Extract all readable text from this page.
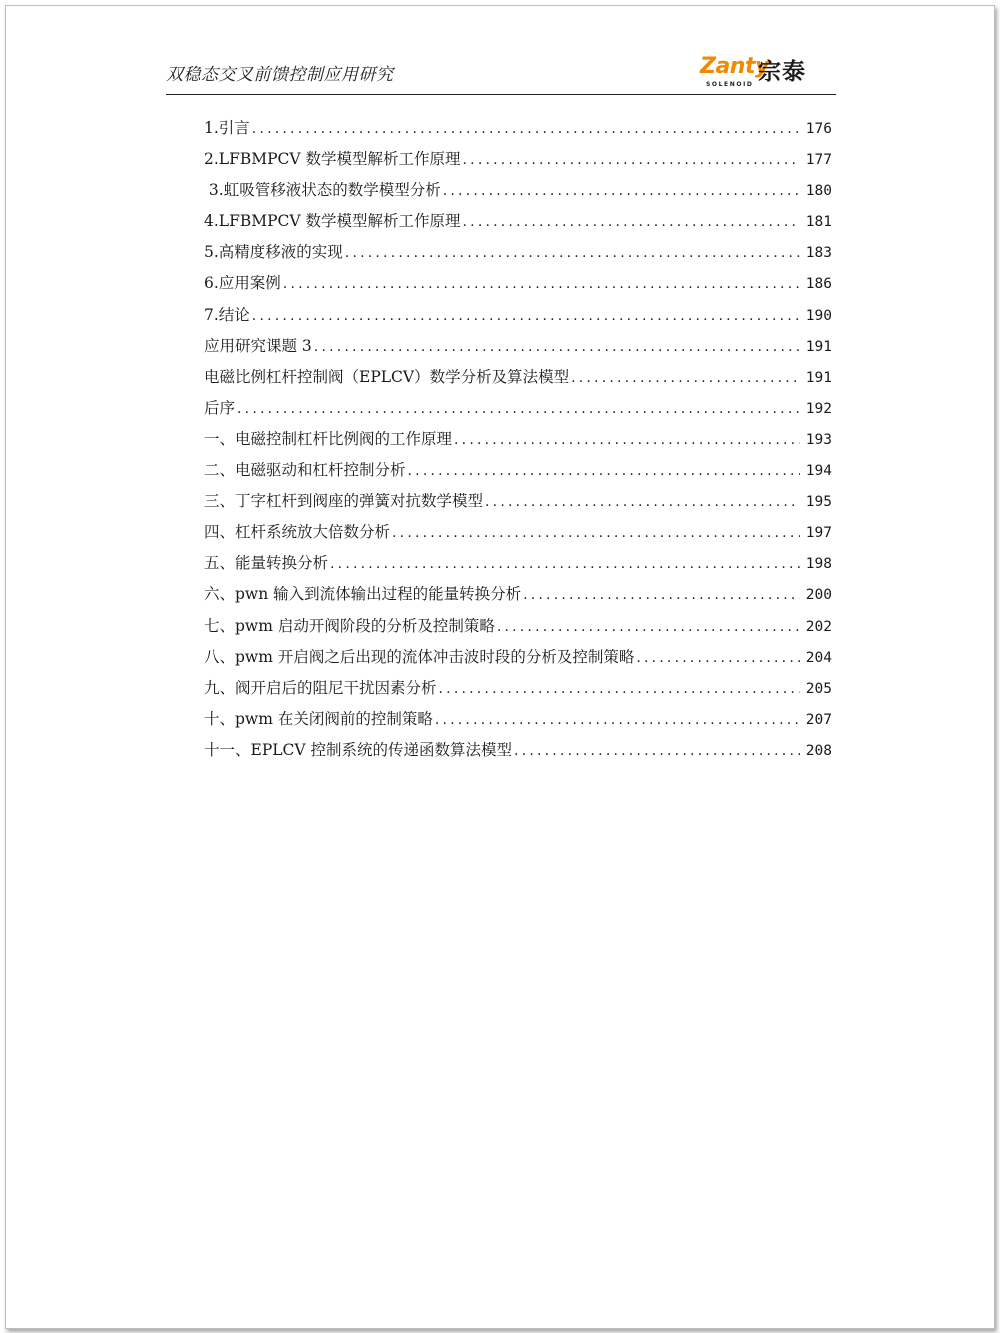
双稳态交叉前馈控制应用研究	Zanty
宗泰
SOLENOID
1.引言 .....	176
2.LFBMPCV 数学模型解析工作原理 .....	177
3.虹吸管移液状态的数学模型分析 .....	180
4.LFBMPCV 数学模型解析工作原理 .....	181
5.高精度移液的实现 .....	183
6.应用案例 .....	186
7.结论 .....	190
应用研究课题 3 .....	191
电磁比例杠杆控制阀（EPLCV）数学分析及算法模型 .....	191
后序 .....	192
一、电磁控制杠杆比例阀的工作原理 .....	193
二、电磁驱动和杠杆控制分析 .....	194
三、丁字杠杆到阀座的弹簧对抗数学模型 .....	195
四、杠杆系统放大倍数分析 .....	197
五、能量转换分析 .....	198
六、pwn 输入到流体输出过程的能量转换分析 .....	200
七、pwm 启动开阀阶段的分析及控制策略 .....	202
八、pwm 开启阀之后出现的流体冲击波时段的分析及控制策略 .....	204
九、阀开启后的阻尼干扰因素分析 .....	205
十、pwm 在关闭阀前的控制策略 .....	207
十一、EPLCV 控制系统的传递函数算法模型 .....	208
